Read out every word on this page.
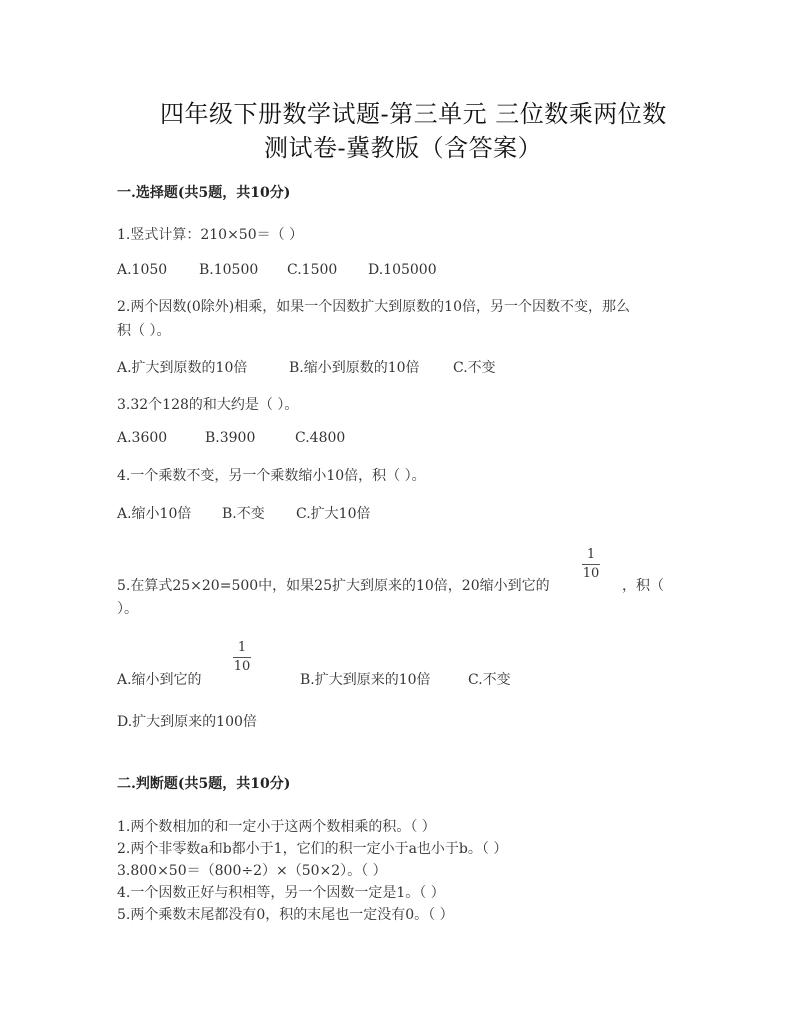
四年级下册数学试题-第三单元 三位数乘两位数
测试卷-冀教版（含答案）
一.选择题(共5题，共10分)
1.竖式计算：210×50＝（ ）
A.1050 B.10500 C.1500 D.105000
2.两个因数(0除外)相乘，如果一个因数扩大到原数的10倍，另一个因数不变，那么
积（ ）。
A.扩大到原数的10倍	B.缩小到原数的10倍 C.不变
3.32个128的和大约是（ ）。
A.3600	B.3900	C.4800
4.一个乘数不变，另一个乘数缩小10倍，积（ ）。
A.缩小10倍 B.不变 C.扩大10倍
1
10
5.在算式25×20=500中，如果25扩大到原来的10倍，20缩小到它的	，积（
）。
1
10
A.缩小到它的	B.扩大到原来的10倍	C.不变
D.扩大到原来的100倍
二.判断题(共5题，共10分)
1.两个数相加的和一定小于这两个数相乘的积。（ ）
2.两个非零数a和b都小于1，它们的积一定小于a也小于b。（ ）
3.800×50＝（800÷2）×（50×2）。（ ）
4.一个因数正好与积相等，另一个因数一定是1。（ ）
5.两个乘数末尾都没有0，积的末尾也一定没有0。（ ）
